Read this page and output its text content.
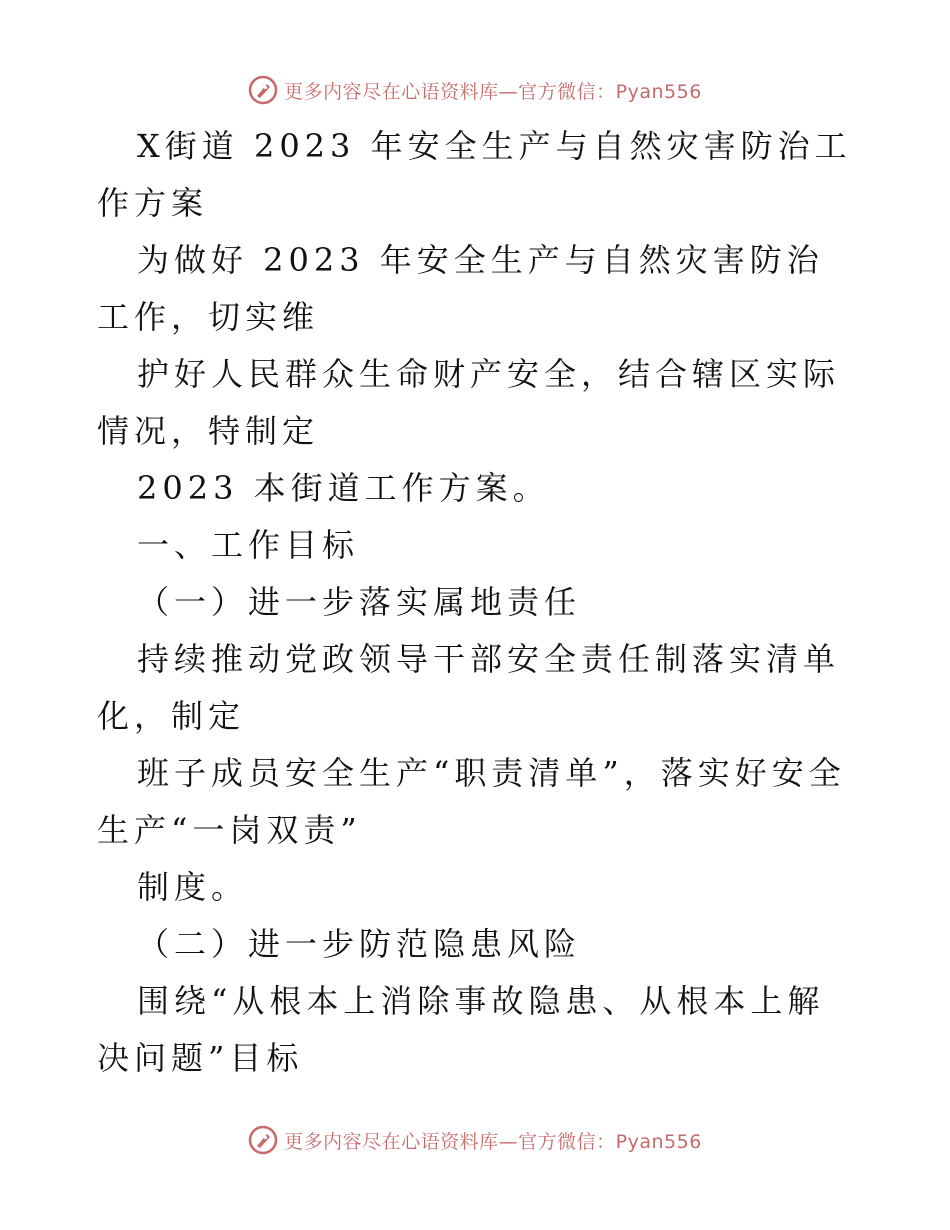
更多内容尽在心语资料库—官方微信：Pyan556

X街道 2023 年安全生产与自然灾害防治工作方案

为做好 2023 年安全生产与自然灾害防治工作，切实维

护好人民群众生命财产安全，结合辖区实际情况，特制定

2023 本街道工作方案。

一、工作目标

（一）进一步落实属地责任

持续推动党政领导干部安全责任制落实清单化，制定

班子成员安全生产“职责清单”，落实好安全生产“一岗双责”

制度。

（二）进一步防范隐患风险

围绕“从根本上消除事故隐患、从根本上解决问题”目标

更多内容尽在心语资料库—官方微信：Pyan556
